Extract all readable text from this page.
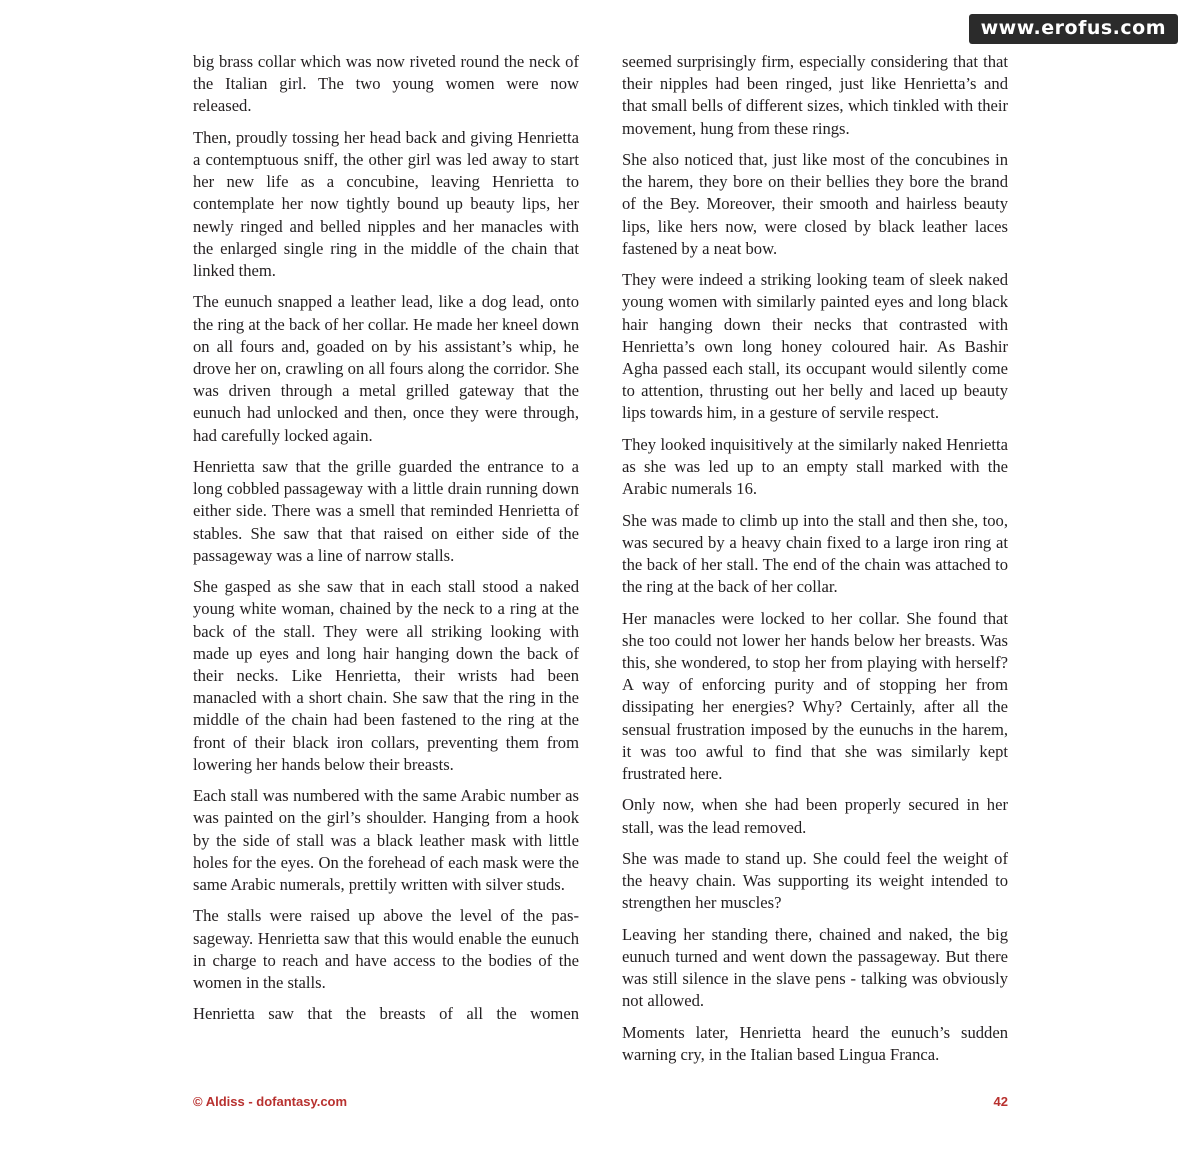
www.erofus.com

big brass collar which was now riveted round the neck of the Italian girl. The two young women were now released.

Then, proudly tossing her head back and giving Henrietta a contemptuous sniff, the other girl was led away to start her new life as a concubine, leaving Henrietta to contemplate her now tightly bound up beauty lips, her newly ringed and belled nipples and her manacles with the enlarged single ring in the middle of the chain that linked them.

The eunuch snapped a leather lead, like a dog lead, onto the ring at the back of her collar. He made her kneel down on all fours and, goaded on by his assistant’s whip, he drove her on, crawling on all fours along the corridor. She was driven through a metal grilled gateway that the eunuch had unlocked and then, once they were through, had carefully locked again.

Henrietta saw that the grille guarded the entrance to a long cobbled passageway with a little drain running down either side. There was a smell that reminded Henrietta of stables. She saw that that raised on either side of the passageway was a line of narrow stalls.

She gasped as she saw that in each stall stood a naked young white woman, chained by the neck to a ring at the back of the stall. They were all striking looking with made up eyes and long hair hanging down the back of their necks. Like Henrietta, their wrists had been manacled with a short chain. She saw that the ring in the middle of the chain had been fastened to the ring at the front of their black iron collars, preventing them from lowering her hands below their breasts.

Each stall was numbered with the same Arabic number as was painted on the girl’s shoulder. Hanging from a hook by the side of stall was a black leather mask with little holes for the eyes. On the forehead of each mask were the same Arabic numerals, prettily written with silver studs.

The stalls were raised up above the level of the passageway. Henrietta saw that this would enable the eunuch in charge to reach and have access to the bodies of the women in the stalls.

Henrietta saw that the breasts of all the women

seemed surprisingly firm, especially considering that that their nipples had been ringed, just like Henrietta’s and that small bells of different sizes, which tinkled with their movement, hung from these rings.

She also noticed that, just like most of the concubines in the harem, they bore on their bellies they bore the brand of the Bey. Moreover, their smooth and hairless beauty lips, like hers now, were closed by black leather laces fastened by a neat bow.

They were indeed a striking looking team of sleek naked young women with similarly painted eyes and long black hair hanging down their necks that contrasted with Henrietta’s own long honey coloured hair. As Bashir Agha passed each stall, its occupant would silently come to attention, thrusting out her belly and laced up beauty lips towards him, in a gesture of servile respect.

They looked inquisitively at the similarly naked Henrietta as she was led up to an empty stall marked with the Arabic numerals 16.

She was made to climb up into the stall and then she, too, was secured by a heavy chain fixed to a large iron ring at the back of her stall. The end of the chain was attached to the ring at the back of her collar.

Her manacles were locked to her collar. She found that she too could not lower her hands below her breasts. Was this, she wondered, to stop her from playing with herself? A way of enforcing purity and of stopping her from dissipating her energies? Why? Certainly, after all the sensual frustration imposed by the eunuchs in the harem, it was too awful to find that she was similarly kept frustrated here.

Only now, when she had been properly secured in her stall, was the lead removed.

She was made to stand up. She could feel the weight of the heavy chain. Was supporting its weight intended to strengthen her muscles?

Leaving her standing there, chained and naked, the big eunuch turned and went down the passageway. But there was still silence in the slave pens - talking was obviously not allowed.

Moments later, Henrietta heard the eunuch’s sudden warning cry, in the Italian based Lingua Franca.

© Aldiss - dofantasy.com	42
